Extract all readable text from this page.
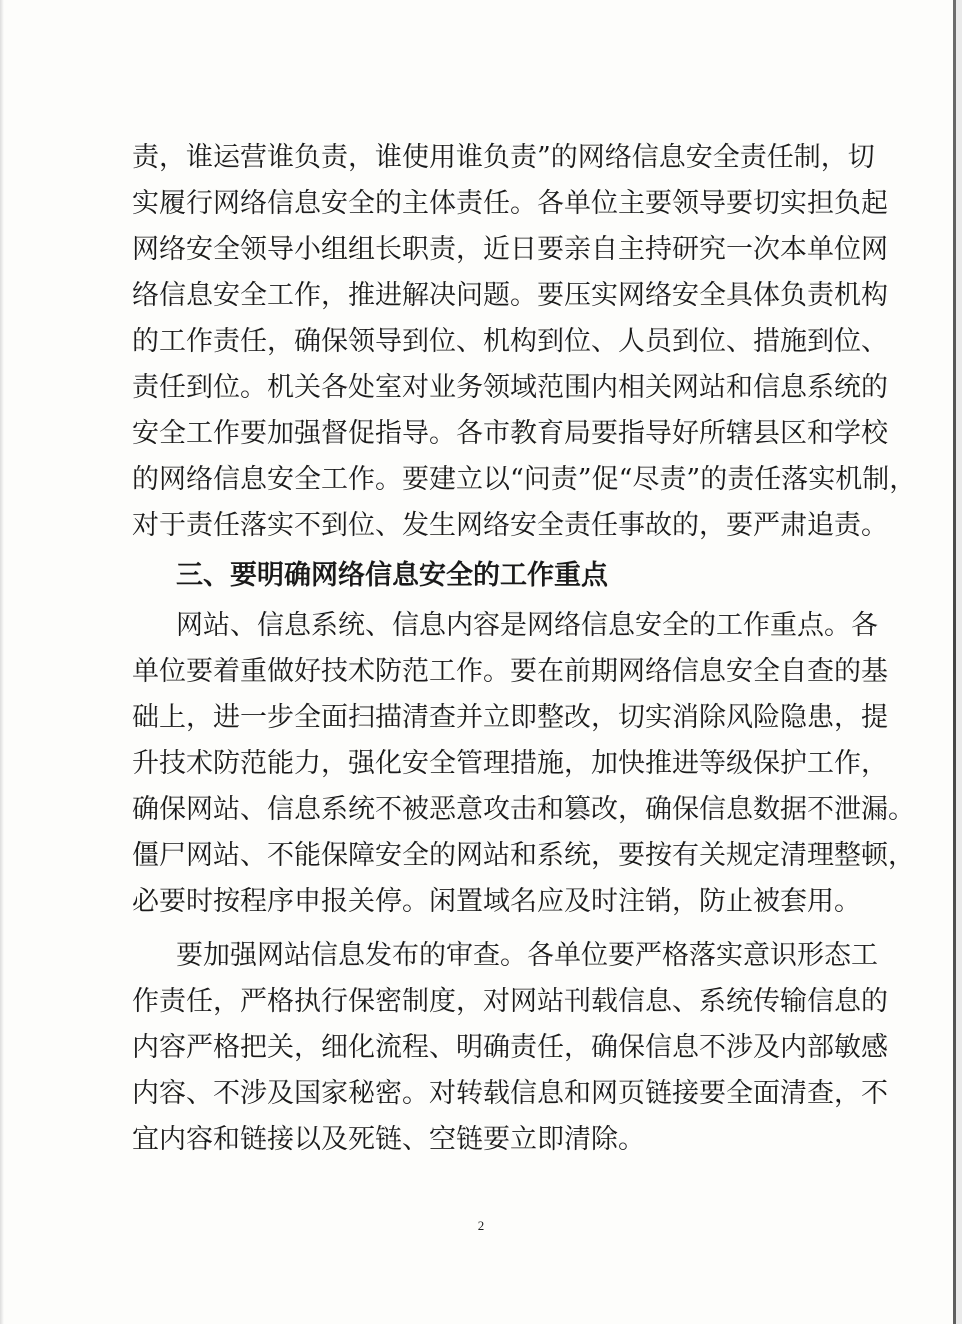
责，谁运营谁负责，谁使用谁负责”的网络信息安全责任制，切
实履行网络信息安全的主体责任。各单位主要领导要切实担负起
网络安全领导小组组长职责，近日要亲自主持研究一次本单位网
络信息安全工作，推进解决问题。要压实网络安全具体负责机构
的工作责任，确保领导到位、机构到位、人员到位、措施到位、
责任到位。机关各处室对业务领域范围内相关网站和信息系统的
安全工作要加强督促指导。各市教育局要指导好所辖县区和学校
的网络信息安全工作。要建立以“问责”促“尽责”的责任落实机制，
对于责任落实不到位、发生网络安全责任事故的，要严肃追责。
三、要明确网络信息安全的工作重点
网站、信息系统、信息内容是网络信息安全的工作重点。各
单位要着重做好技术防范工作。要在前期网络信息安全自查的基
础上，进一步全面扫描清查并立即整改，切实消除风险隐患，提
升技术防范能力，强化安全管理措施，加快推进等级保护工作，
确保网站、信息系统不被恶意攻击和篡改，确保信息数据不泄漏。
僵尸网站、不能保障安全的网站和系统，要按有关规定清理整顿，
必要时按程序申报关停。闲置域名应及时注销，防止被套用。
要加强网站信息发布的审查。各单位要严格落实意识形态工
作责任，严格执行保密制度，对网站刊载信息、系统传输信息的
内容严格把关，细化流程、明确责任，确保信息不涉及内部敏感
内容、不涉及国家秘密。对转载信息和网页链接要全面清查，不
宜内容和链接以及死链、空链要立即清除。
2
